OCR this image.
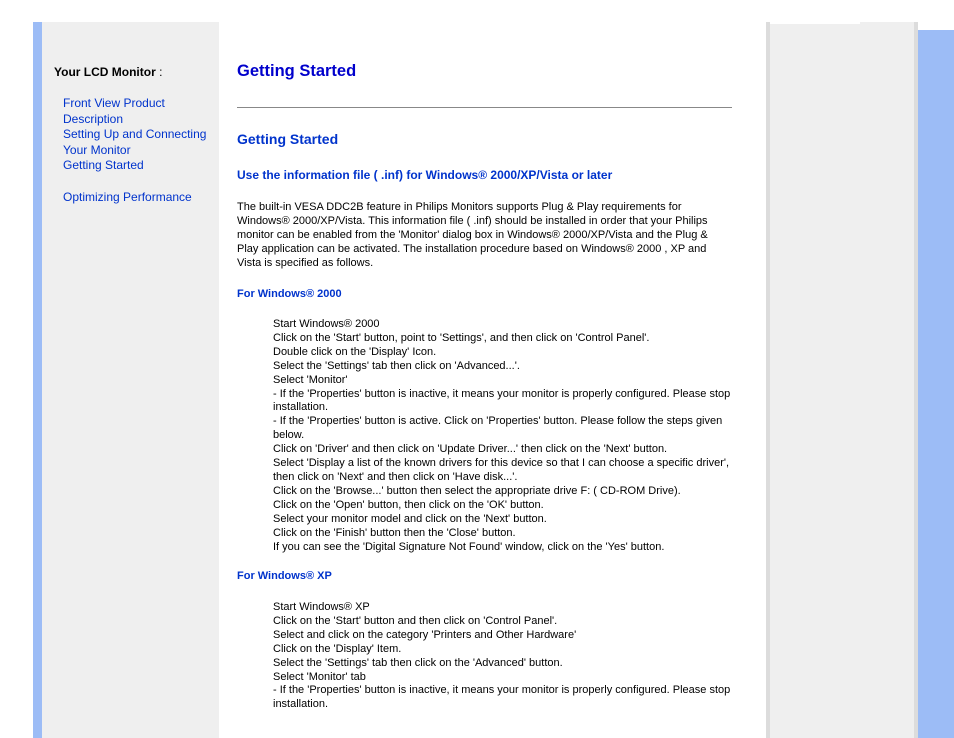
Your LCD Monitor :
Front View Product Description
Setting Up and Connecting Your Monitor
Getting Started
Optimizing Performance
Getting Started
Getting Started
Use the information file ( .inf) for Windows® 2000/XP/Vista or later

The built-in VESA DDC2B feature in Philips Monitors supports Plug & Play requirements for Windows® 2000/XP/Vista. This information file ( .inf) should be installed in order that your Philips monitor can be enabled from the 'Monitor' dialog box in Windows® 2000/XP/Vista and the Plug & Play application can be activated. The installation procedure based on Windows® 2000 , XP and Vista is specified as follows.

For Windows® 2000
Start Windows® 2000
Click on the 'Start' button, point to 'Settings', and then click on 'Control Panel'.
Double click on the 'Display' Icon.
Select the 'Settings' tab then click on 'Advanced...'.
Select 'Monitor'
- If the 'Properties' button is inactive, it means your monitor is properly configured. Please stop installation.
- If the 'Properties' button is active. Click on 'Properties' button. Please follow the steps given below.
Click on 'Driver' and then click on 'Update Driver...' then click on the 'Next' button.
Select 'Display a list of the known drivers for this device so that I can choose a specific driver', then click on 'Next' and then click on 'Have disk...'.
Click on the 'Browse...' button then select the appropriate drive F: ( CD-ROM Drive).
Click on the 'Open' button, then click on the 'OK' button.
Select your monitor model and click on the 'Next' button.
Click on the 'Finish' button then the 'Close' button.
If you can see the 'Digital Signature Not Found' window, click on the 'Yes' button.
For Windows® XP
Start Windows® XP
Click on the 'Start' button and then click on 'Control Panel'.
Select and click on the category 'Printers and Other Hardware'
Click on the 'Display' Item.
Select the 'Settings' tab then click on the 'Advanced' button.
Select 'Monitor' tab
- If the 'Properties' button is inactive, it means your monitor is properly configured. Please stop installation.
